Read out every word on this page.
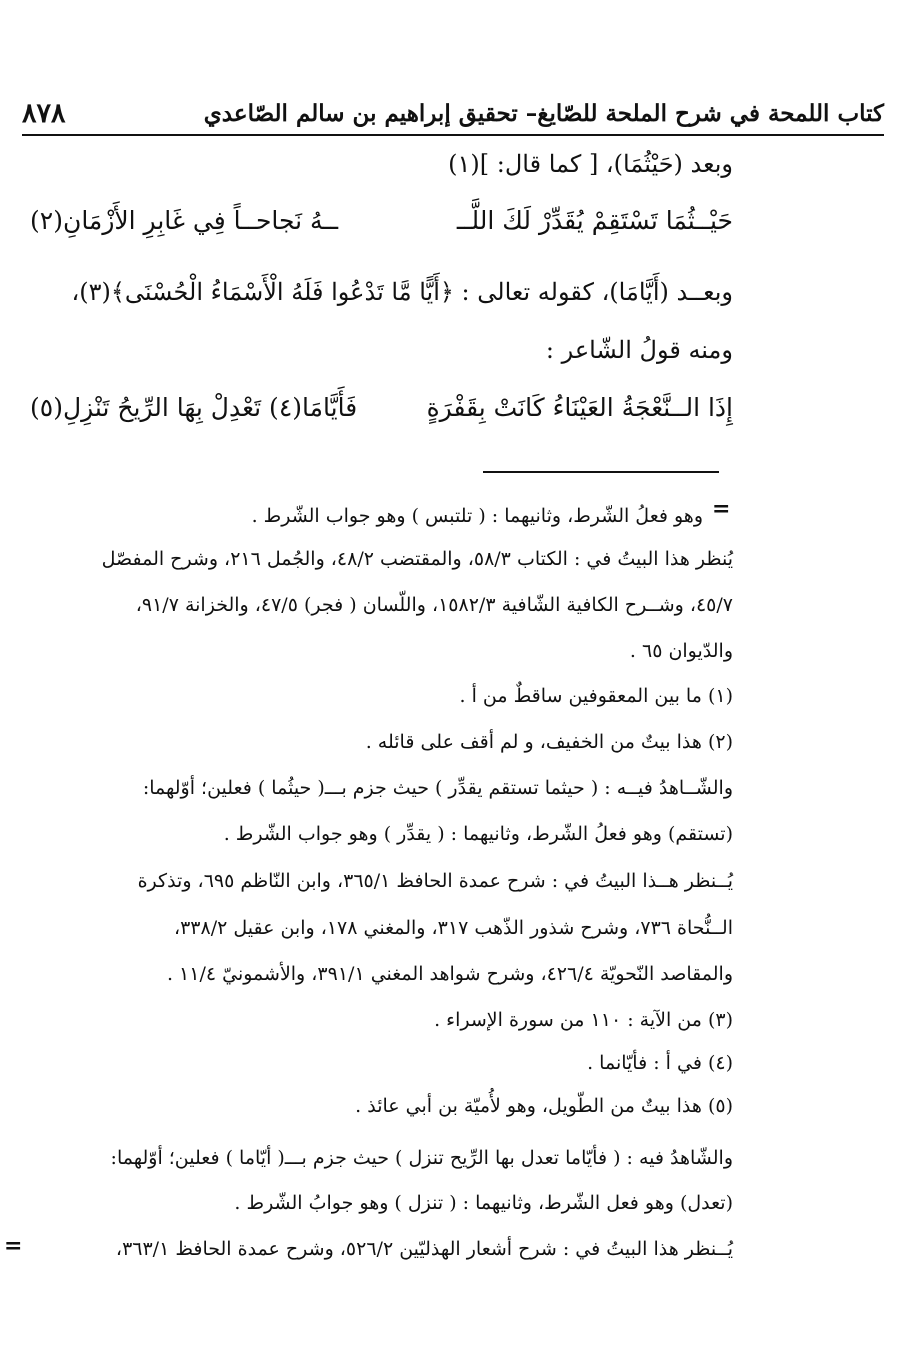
كتاب اللمحة في شرح الملحة للصّايغ– تحقيق إبراهيم بن سالم الصّاعدي
٨٧٨
وبعد (حَيْثُمَا)، [ كما قال: ](١)
حَيْــثُمَا تَسْتَقِمْ يُقَدِّرْ لَكَ اللَّــ
ــهُ نَجاحــاً فِي غَابِرِ الأَزْمَانِ(٢)
وبعــد (أَيَّامَا)، كقوله تعالى : ﴿أَيًّا مَّا تَدْعُوا فَلَهُ الْأَسْمَاءُ الْحُسْنَى﴾(٣)،
ومنه قولُ الشّاعر :
إِذَا الــنَّعْجَةُ العَيْنَاءُ كَانَتْ بِقَفْرَةٍ
فَأَيَّامَا(٤) تَعْدِلْ بِهَا الرِّيحُ تَنْزِلِ(٥)
=
وهو فعلُ الشّرط، وثانيهما : ( تلتبس ) وهو جواب الشّرط .
يُنظر هذا البيتُ في : الكتاب ٥٨/٣، والمقتضب ٤٨/٢، والجُمل ٢١٦، وشرح المفصّل
٤٥/٧، وشــرح الكافية الشّافية ١٥٨٢/٣، واللّسان ( فجر) ٤٧/٥، والخزانة ٩١/٧،
والدّيوان ٦٥ .
(١) ما بين المعقوفين ساقطٌ من أ .
(٢) هذا بيتٌ من الخفيف، و لم أقف على قائله .
والشّــاهدُ فيــه : ( حيثما تستقم يقدِّر ) حيث جزم بـــ( حيثُما ) فعلين؛ أوّلهما:
(تستقم) وهو فعلُ الشّرط، وثانيهما : ( يقدِّر ) وهو جواب الشّرط .
يُــنظر هــذا البيتُ في : شرح عمدة الحافظ ٣٦٥/١، وابن النّاظم ٦٩٥، وتذكرة
الــنُّحاة ٧٣٦، وشرح شذور الذّهب ٣١٧، والمغني ١٧٨، وابن عقيل ٣٣٨/٢،
والمقاصد النّحويّة ٤٢٦/٤، وشرح شواهد المغني ٣٩١/١، والأشمونيّ ١١/٤ .
(٣) من الآية : ١١٠ من سورة الإسراء .
(٤) في أ : فأيّانما .
(٥) هذا بيتٌ من الطّويل، وهو لأُميّة بن أبي عائذ .
والشّاهدُ فيه : ( فأيّاما تعدل بها الرِّيح تنزل ) حيث جزم بـــ( أيّاما ) فعلين؛ أوّلهما:
(تعدل) وهو فعل الشّرط، وثانيهما : ( تنزل ) وهو جوابُ الشّرط .
يُــنظر هذا البيتُ في : شرح أشعار الهذليّين ٥٢٦/٢، وشرح عمدة الحافظ ٣٦٣/١،
=
